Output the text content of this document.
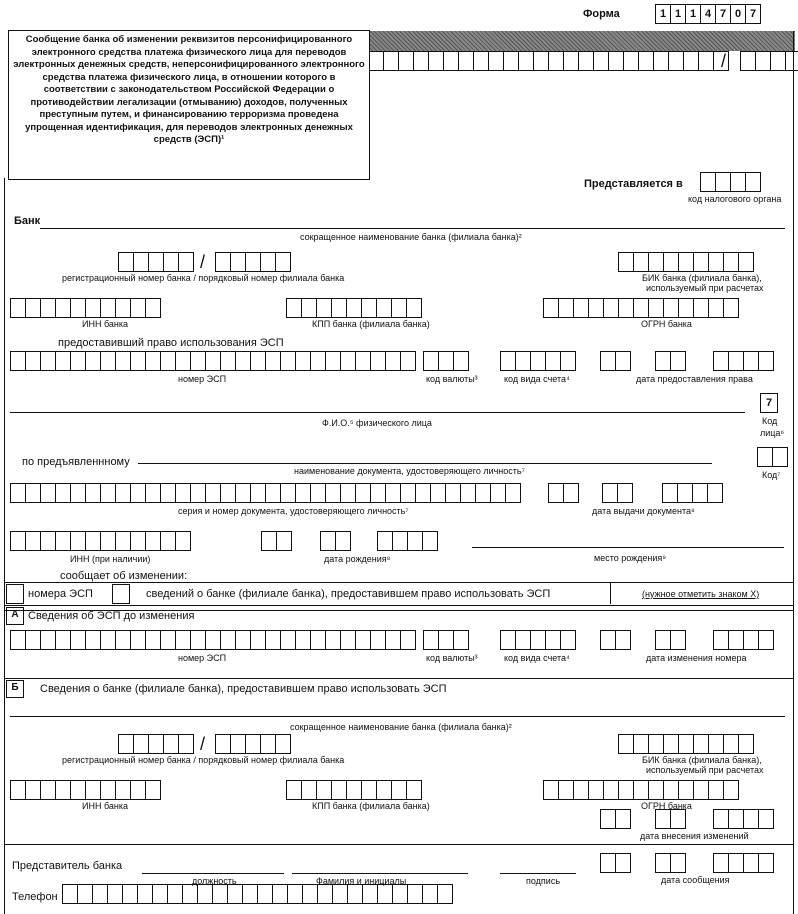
Форма	1 1 1 4 7 0 7
/
Сообщение банка об изменении реквизитов персонифицированного электронного средства платежа физического лица для переводов электронных денежных средств, неперсонифицированного электронного средства платежа физического лица, в отношении которого в соответствии с законодательством Российской Федерации о противодействии легализации (отмыванию) доходов, полученных преступным путем, и финансированию терроризма проведена упрощенная идентификация, для переводов электронных денежных средств (ЭСП)¹
Представляется в
код налогового органа
Банк
сокращенное наименование банка (филиала банка)²
/
регистрационный номер банка / порядковый номер филиала банка	БИК банка (филиала банка),
используемый при расчетах
ИНН банка	КПП банка (филиала банка)	ОГРН банка
предоставивший право использования ЭСП
номер ЭСП	код валюты³	код вида счета⁴	дата предоставления права
Ф.И.О.⁵ физического лица
7
Код
лица⁶
по предъявленнному
наименование документа, удостоверяющего личность⁷	Код⁷
серия и номер документа, удостоверяющего личность⁷	дата выдачи документа⁸
ИНН (при наличии)	дата рождения⁸	место рождения⁹
сообщает об изменении:
номера ЭСП	сведений о банке (филиале банка), предоставившем право использовать ЭСП	(нужное отметить знаком Х)
А Сведения об ЭСП до изменения
номер ЭСП	код валюты³	код вида счета⁴	дата изменения номера
Б	Сведения о банке (филиале банка), предоставившем право использовать ЭСП
сокращенное наименование банка (филиала банка)²
/
регистрационный номер банка / порядковый номер филиала банка	БИК банка (филиала банка),
используемый при расчетах
ИНН банка	КПП банка (филиала банка)	ОГРН банка
дата внесения изменений
Представитель банка
должность	Фамилия и инициалы	подпись	дата сообщения
Телефон
